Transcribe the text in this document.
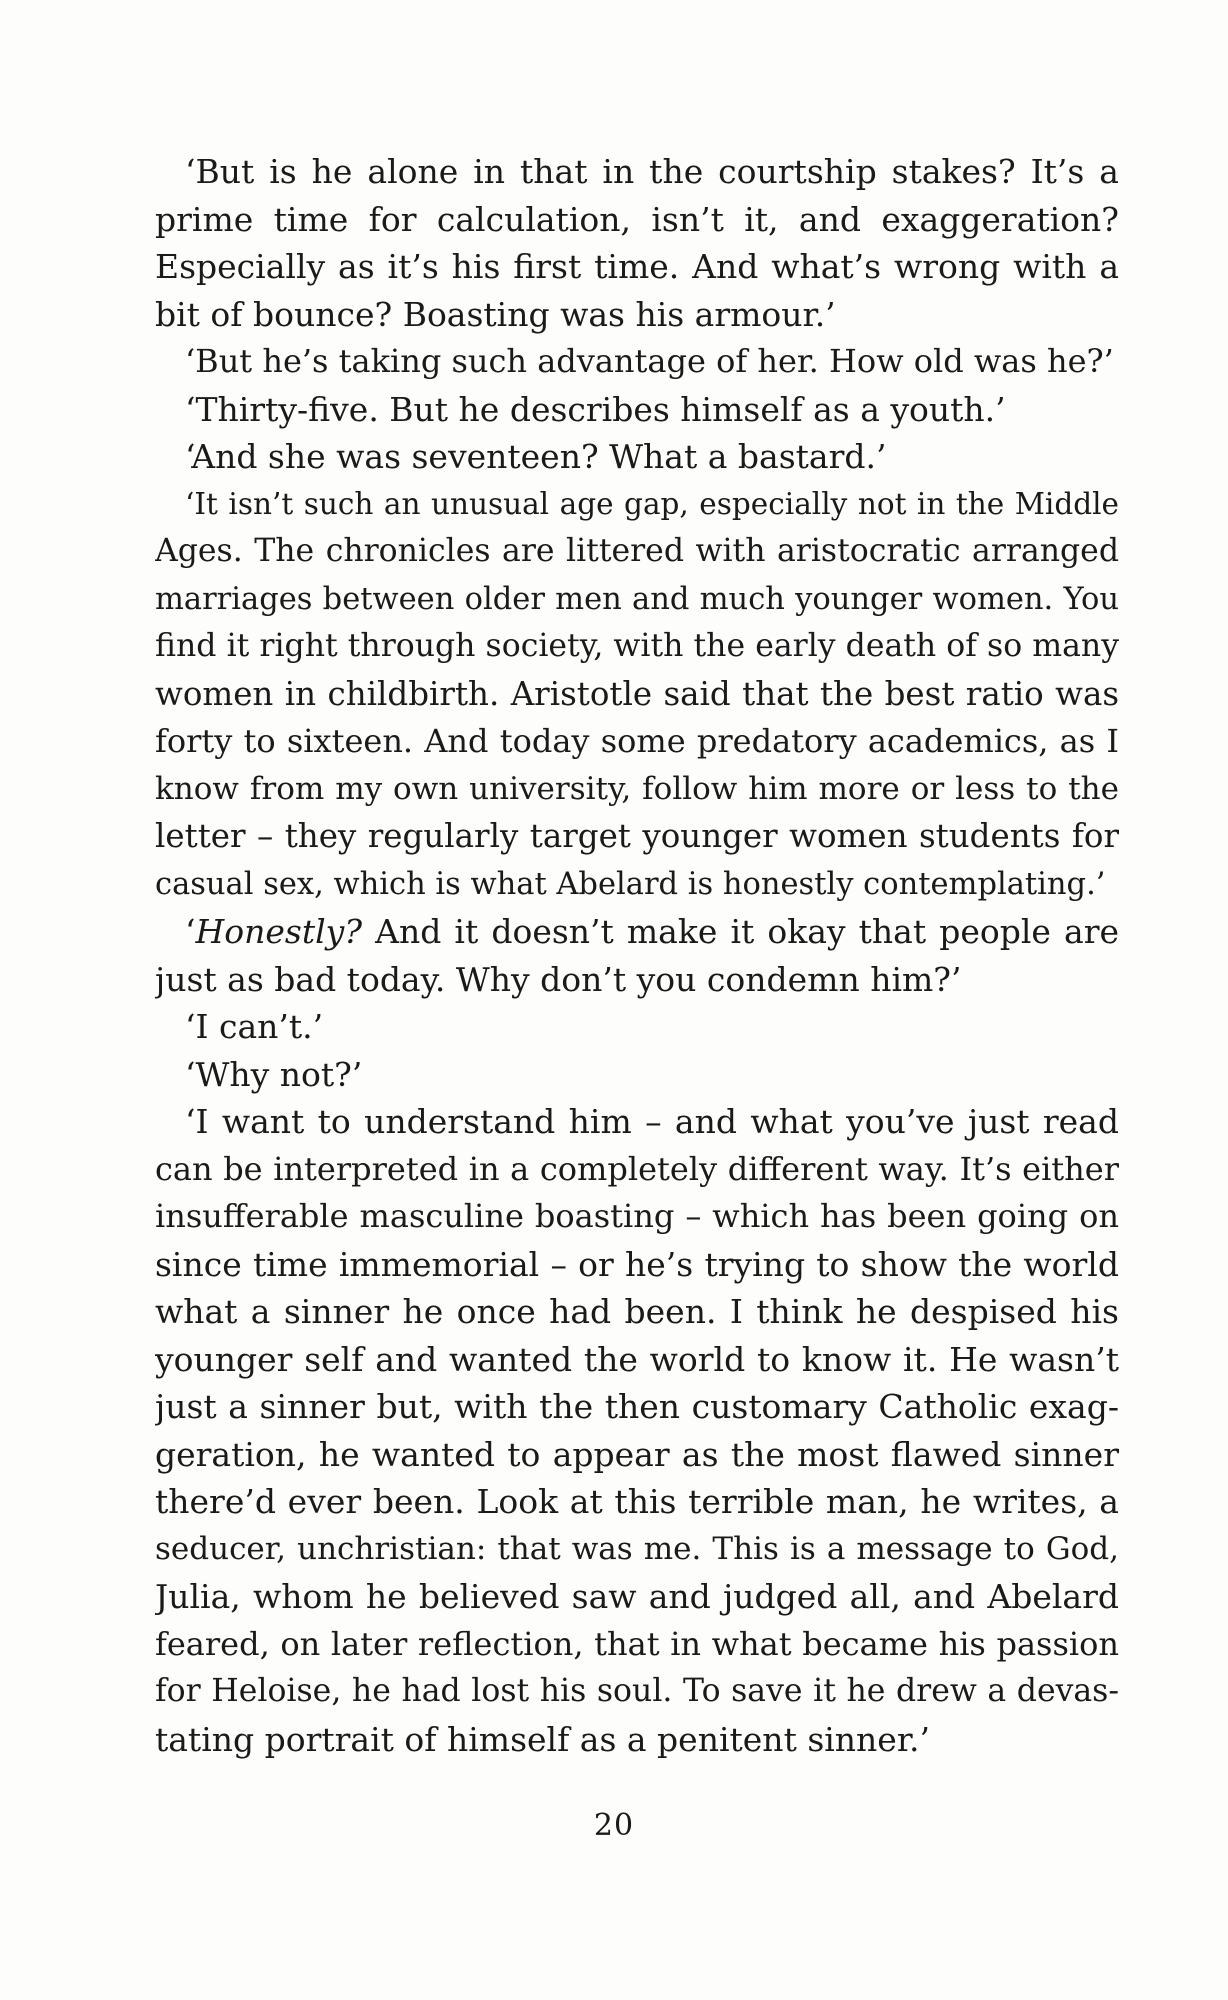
‘But is he alone in that in the courtship stakes? It’s a
prime time for calculation, isn’t it, and exaggeration?
Especially as it’s his first time. And what’s wrong with a
bit of bounce? Boasting was his armour.’
‘But he’s taking such advantage of her. How old was he?’
‘Thirty-five. But he describes himself as a youth.’
‘And she was seventeen? What a bastard.’
‘It isn’t such an unusual age gap, especially not in the Middle
Ages. The chronicles are littered with aristocratic arranged
marriages between older men and much younger women. You
find it right through society, with the early death of so many
women in childbirth. Aristotle said that the best ratio was
forty to sixteen. And today some predatory academics, as I
know from my own university, follow him more or less to the
letter – they regularly target younger women students for
casual sex, which is what Abelard is honestly contemplating.’
‘Honestly? And it doesn’t make it okay that people are
just as bad today. Why don’t you condemn him?’
‘I can’t.’
‘Why not?’
‘I want to understand him – and what you’ve just read
can be interpreted in a completely different way. It’s either
insufferable masculine boasting – which has been going on
since time immemorial – or he’s trying to show the world
what a sinner he once had been. I think he despised his
younger self and wanted the world to know it. He wasn’t
just a sinner but, with the then customary Catholic exag-
geration, he wanted to appear as the most flawed sinner
there’d ever been. Look at this terrible man, he writes, a
seducer, unchristian: that was me. This is a message to God,
Julia, whom he believed saw and judged all, and Abelard
feared, on later reflection, that in what became his passion
for Heloise, he had lost his soul. To save it he drew a devas-
tating portrait of himself as a penitent sinner.’
20
